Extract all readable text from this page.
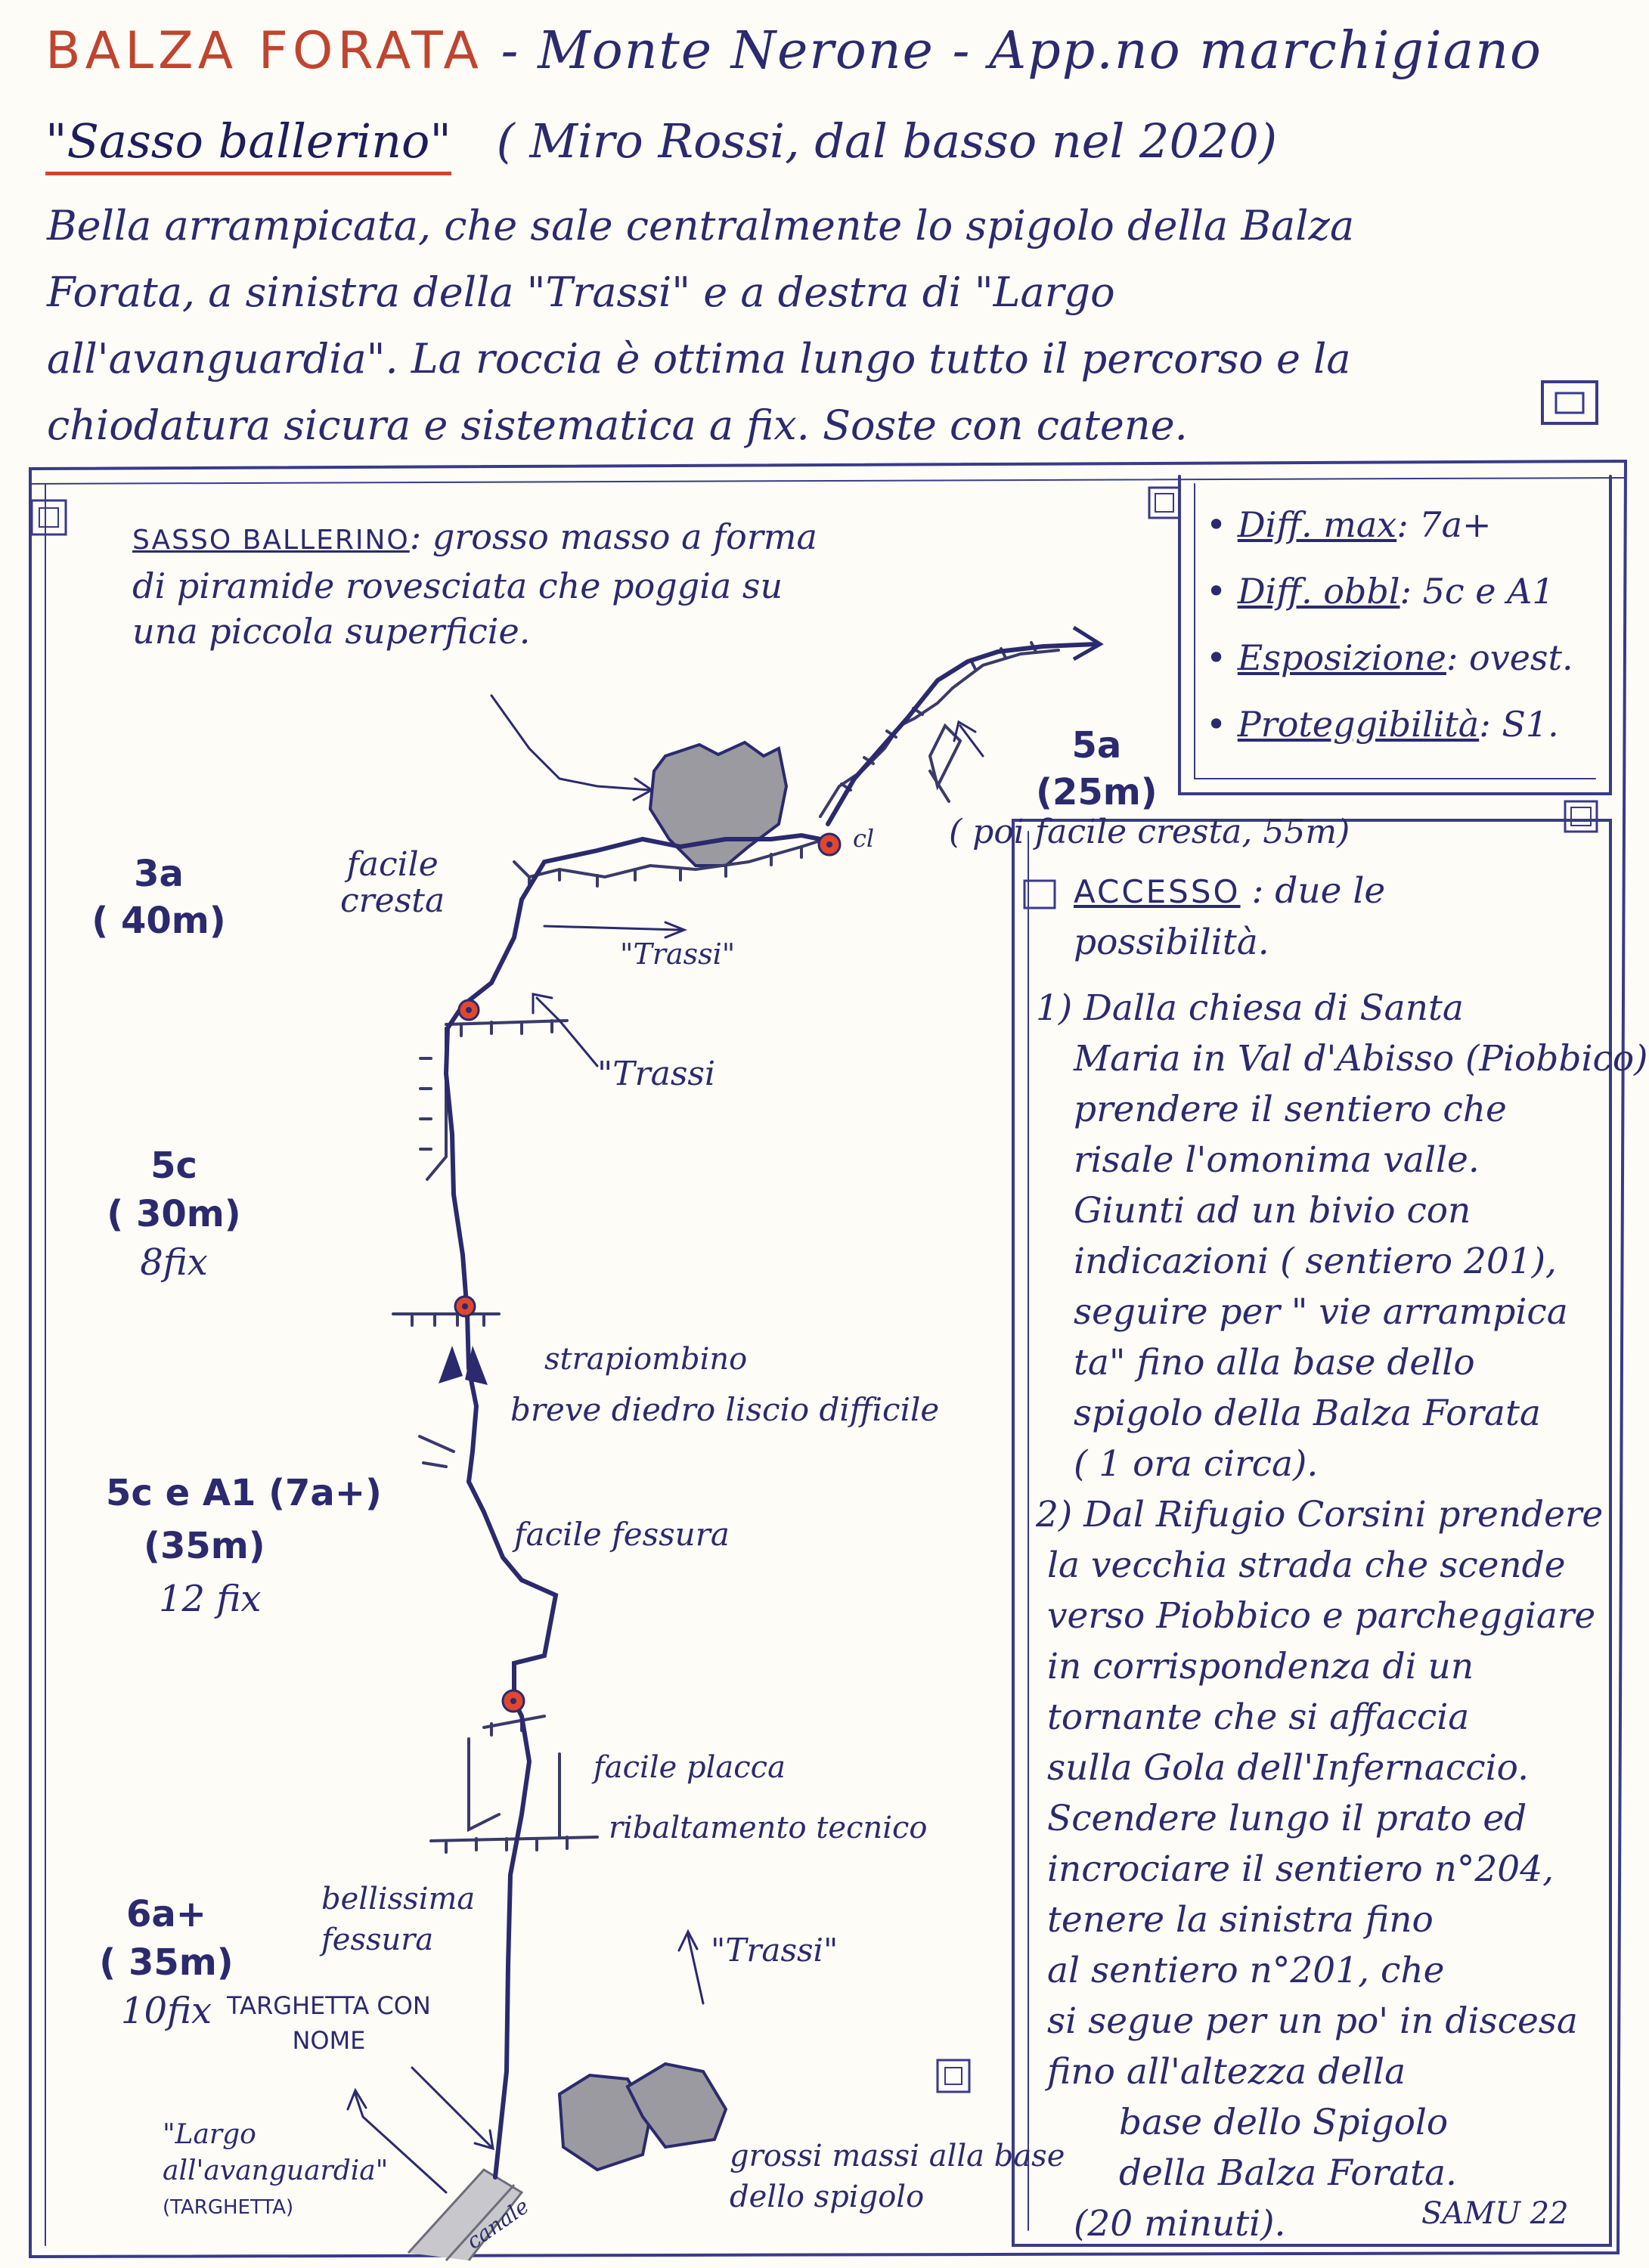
BALZA FORATA - Monte Nerone - App.no marchigiano
"Sasso ballerino" ( Miro Rossi, dal basso nel 2020)
Bella arrampicata, che sale centralmente lo spigolo della Balza
Forata, a sinistra della "Trassi" e a destra di "Largo
all'avanguardia". La roccia è ottima lungo tutto il percorso e la
chiodatura sicura e sistematica a fix. Soste con catene.
SASSO BALLERINO: grosso masso a forma
di piramide rovesciata che poggia su
una piccola superficie.
• Diff. max: 7a+
• Diff. obbl: 5c e A1
• Esposizione: ovest.
• Proteggibilità: S1.
5a
(25m)
( poi facile cresta, 55m)
cl
3a
( 40m)
5c
( 30m)
8fix
5c e A1 (7a+)
(35m)
12 fix
6a+
( 35m)
10fix
facile
cresta
"Trassi"
"Trassi
strapiombino
breve diedro liscio difficile
facile fessura
facile placca
ribaltamento tecnico
bellissima
fessura	"Trassi"
TARGHETTA CON
NOME
"Largo
all'avanguardia"
(TARGHETTA)
grossi massi alla base
dello spigolo
canale
ACCESSO : due le
possibilità.
1) Dalla chiesa di Santa
Maria in Val d'Abisso (Piobbico)
prendere il sentiero che
risale l'omonima valle.
Giunti ad un bivio con
indicazioni ( sentiero 201),
seguire per " vie arrampica
ta" fino alla base dello
spigolo della Balza Forata
( 1 ora circa).
2) Dal Rifugio Corsini prendere
la vecchia strada che scende
verso Piobbico e parcheggiare
in corrispondenza di un
tornante che si affaccia
sulla Gola dell'Infernaccio.
Scendere lungo il prato ed
incrociare il sentiero n°204,
tenere la sinistra fino
al sentiero n°201, che
si segue per un po' in discesa
fino all'altezza della
base dello Spigolo
della Balza Forata.
(20 minuti).	SAMU 22
